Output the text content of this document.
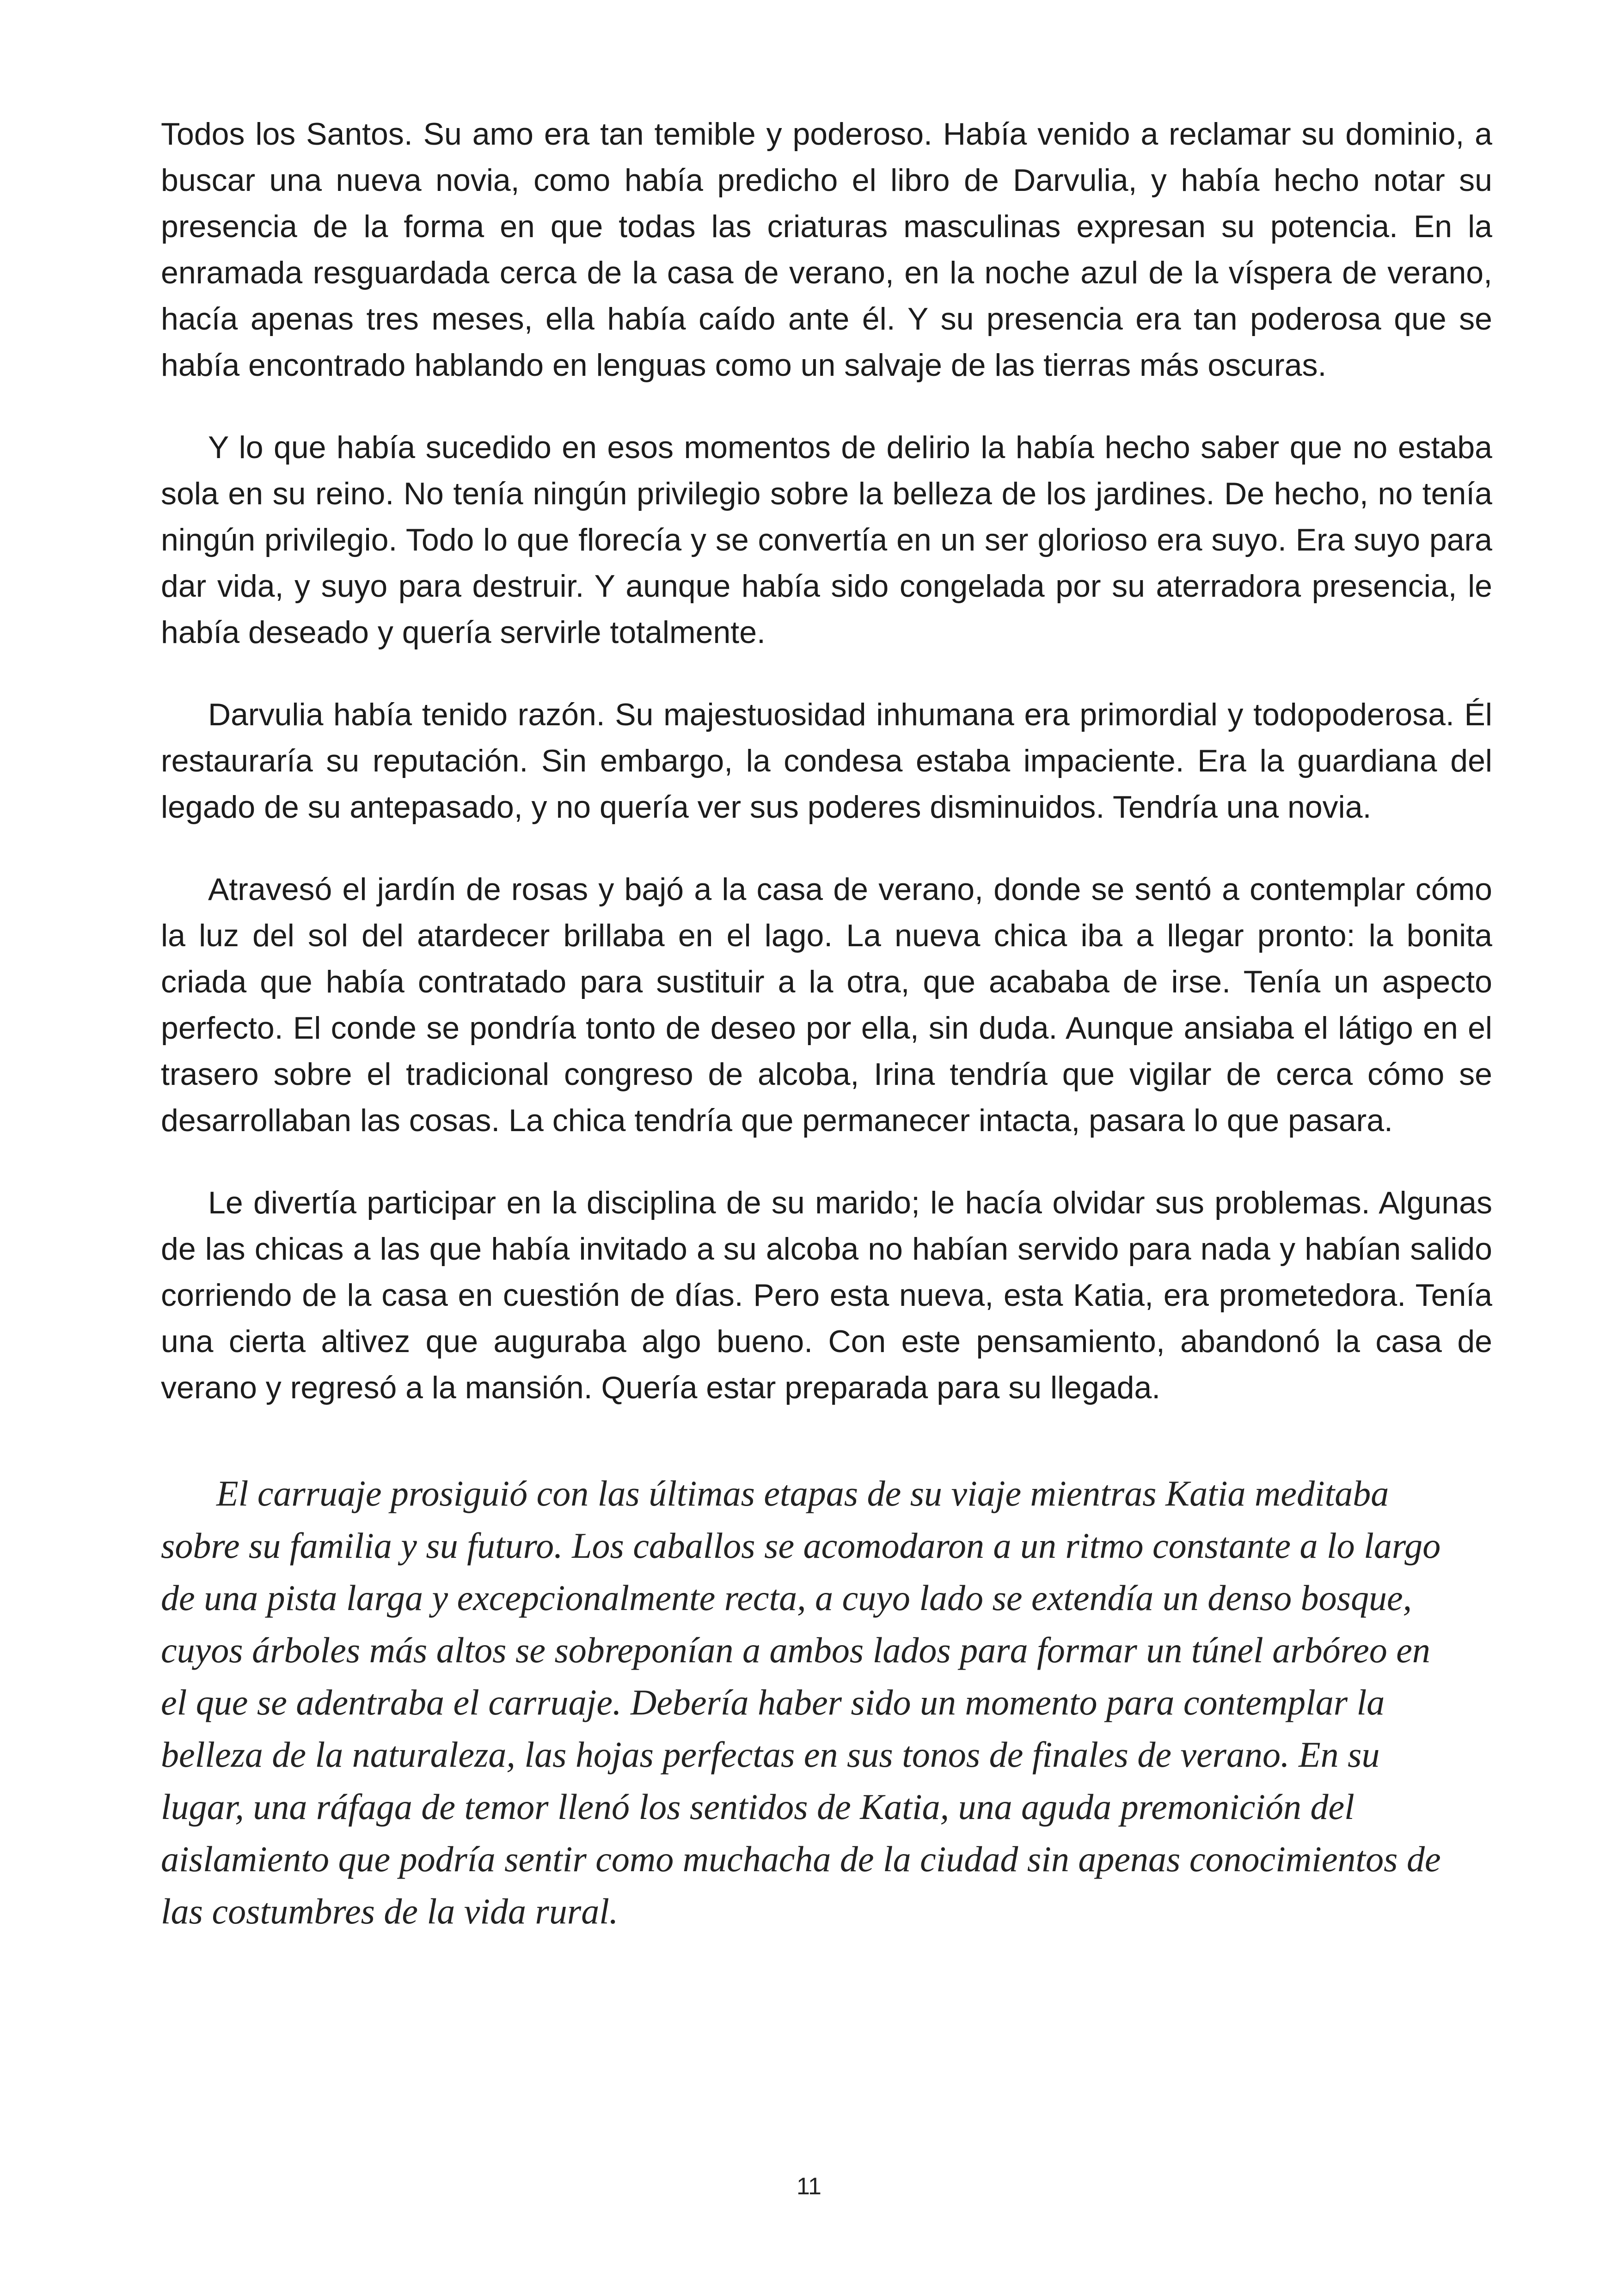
Todos los Santos. Su amo era tan temible y poderoso. Había venido a reclamar su dominio, a buscar una nueva novia, como había predicho el libro de Darvulia, y había hecho notar su presencia de la forma en que todas las criaturas masculinas expresan su potencia. En la enramada resguardada cerca de la casa de verano, en la noche azul de la víspera de verano, hacía apenas tres meses, ella había caído ante él. Y su presencia era tan poderosa que se había encontrado hablando en lenguas como un salvaje de las tierras más oscuras.

Y lo que había sucedido en esos momentos de delirio la había hecho saber que no estaba sola en su reino. No tenía ningún privilegio sobre la belleza de los jardines. De hecho, no tenía ningún privilegio. Todo lo que florecía y se convertía en un ser glorioso era suyo. Era suyo para dar vida, y suyo para destruir. Y aunque había sido congelada por su aterradora presencia, le había deseado y quería servirle totalmente.

Darvulia había tenido razón. Su majestuosidad inhumana era primordial y todopoderosa. Él restauraría su reputación. Sin embargo, la condesa estaba impaciente. Era la guardiana del legado de su antepasado, y no quería ver sus poderes disminuidos. Tendría una novia.

Atravesó el jardín de rosas y bajó a la casa de verano, donde se sentó a contemplar cómo la luz del sol del atardecer brillaba en el lago. La nueva chica iba a llegar pronto: la bonita criada que había contratado para sustituir a la otra, que acababa de irse. Tenía un aspecto perfecto. El conde se pondría tonto de deseo por ella, sin duda. Aunque ansiaba el látigo en el trasero sobre el tradicional congreso de alcoba, Irina tendría que vigilar de cerca cómo se desarrollaban las cosas. La chica tendría que permanecer intacta, pasara lo que pasara.

Le divertía participar en la disciplina de su marido; le hacía olvidar sus problemas. Algunas de las chicas a las que había invitado a su alcoba no habían servido para nada y habían salido corriendo de la casa en cuestión de días. Pero esta nueva, esta Katia, era prometedora. Tenía una cierta altivez que auguraba algo bueno. Con este pensamiento, abandonó la casa de verano y regresó a la mansión. Quería estar preparada para su llegada.

El carruaje prosiguió con las últimas etapas de su viaje mientras Katia meditaba sobre su familia y su futuro. Los caballos se acomodaron a un ritmo constante a lo largo de una pista larga y excepcionalmente recta, a cuyo lado se extendía un denso bosque, cuyos árboles más altos se sobreponían a ambos lados para formar un túnel arbóreo en el que se adentraba el carruaje. Debería haber sido un momento para contemplar la belleza de la naturaleza, las hojas perfectas en sus tonos de finales de verano. En su lugar, una ráfaga de temor llenó los sentidos de Katia, una aguda premonición del aislamiento que podría sentir como muchacha de la ciudad sin apenas conocimientos de las costumbres de la vida rural.

11
